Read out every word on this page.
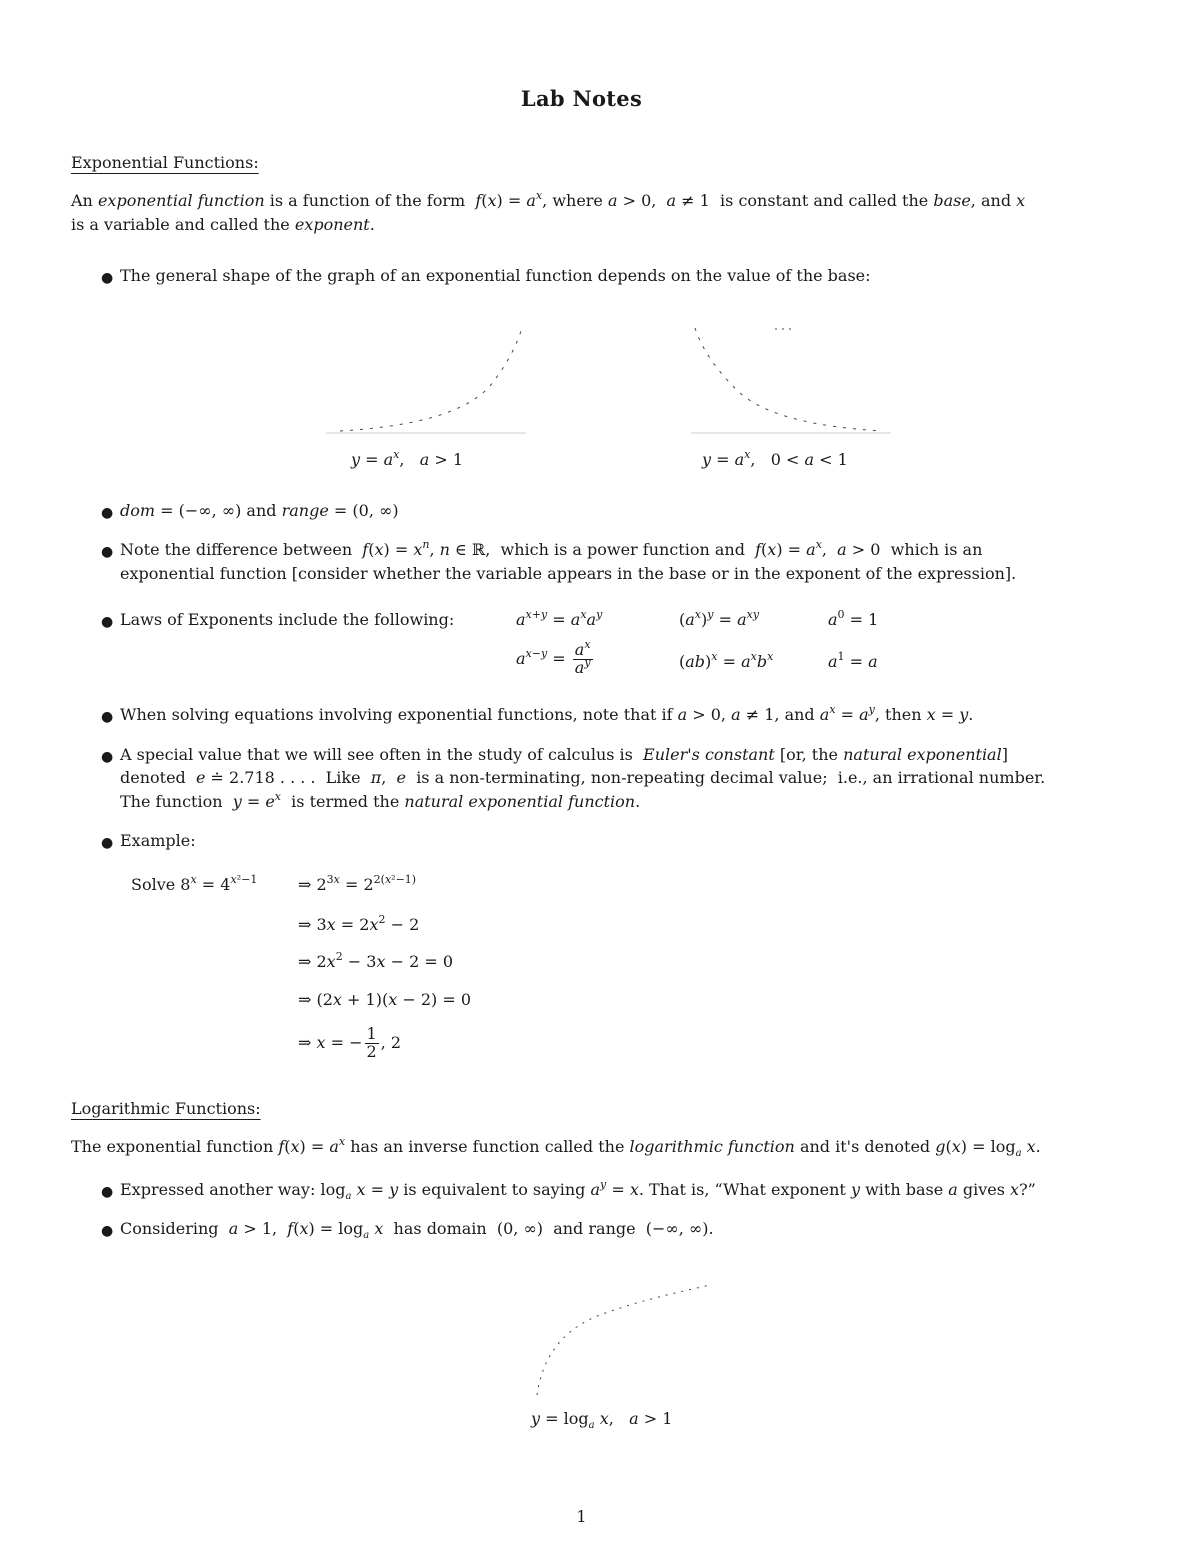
Lab Notes
Exponential Functions:
An exponential function is a function of the form  $f(x) = a^x$, where a > 0,  a ≠ 1  is constant and called the base, and x
is a variable and called the exponent.
● The general shape of the graph of an exponential function depends on the value of the base:
$y = a^x$,   a > 1	$y = a^x$,   0 < a < 1
● dom = (−∞, ∞) and range = (0, ∞)
● Note the difference between  $f(x) = x^n$, n ∈ ℝ,  which is a power function and  $f(x) = a^x$,  a > 0  which is an
exponential function [consider whether the variable appears in the base or in the exponent of the expression].
● Laws of Exponents include the following:	$a^{x+y} = a^xa^y$	$(a^x)^y = a^{xy}$	$a^0 = 1$
$a^{x-y} = \frac{a^x}{a^y}$	$(ab)^x = a^xb^x$	$a^1 = a$
● When solving equations involving exponential functions, note that if a > 0, a ≠ 1, and $a^x = a^y$, then x = y.
● A special value that we will see often in the study of calculus is  Euler's constant [or, the natural exponential]
denoted  e ≐ 2.718 . . . .  Like  π,  e  is a non-terminating, non-repeating decimal value;  i.e., an irrational number.
The function  $y = e^x$  is termed the natural exponential function.
● Example:
Solve $8^x = 4^{x^2-1}$	⇒ $2^{3x} = 2^{2(x^2-1)}$
⇒ $3x = 2x^2 - 2$
⇒ $2x^2 - 3x - 2 = 0$
⇒ (2x + 1)(x − 2) = 0
⇒ x = − $\frac{1}{2}$ , 2
Logarithmic Functions:
The exponential function $f(x) = a^x$ has an inverse function called the logarithmic function and it's denoted $g(x) = \log_a x$.
● Expressed another way: $\log_a x = y$ is equivalent to saying $a^y = x$. That is, “What exponent y with base a gives x?”
● Considering  a > 1,  $f(x) = \log_a x$  has domain  (0, ∞)  and range  (−∞, ∞).
$y = \log_a x$,   a > 1
1
